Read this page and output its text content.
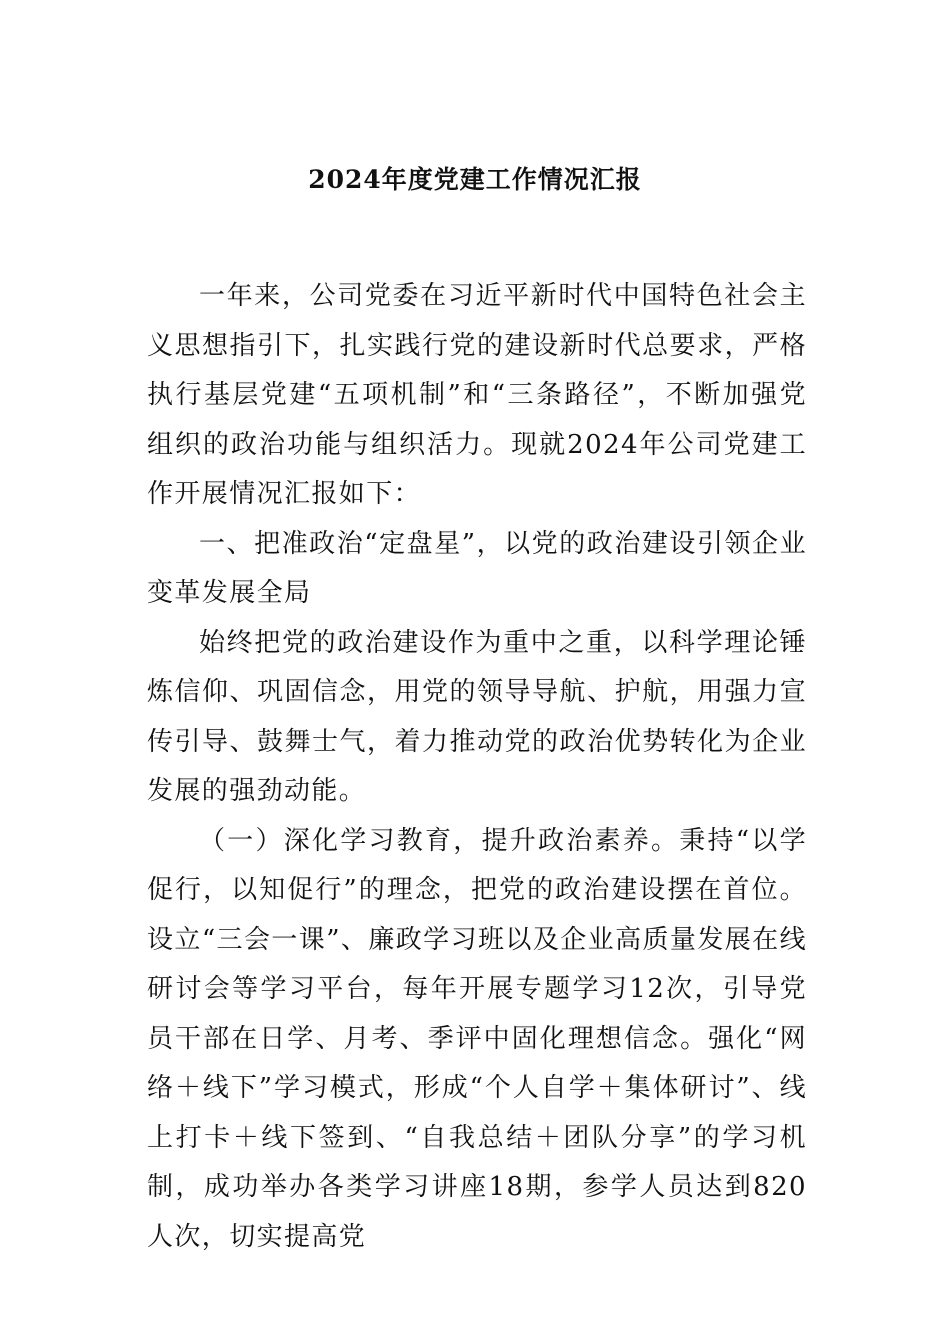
2024年度党建工作情况汇报

一年来，公司党委在习近平新时代中国特色社会主义思想指引下，扎实践行党的建设新时代总要求，严格执行基层党建“五项机制”和“三条路径”，不断加强党组织的政治功能与组织活力。现就2024年公司党建工作开展情况汇报如下：

一、把准政治“定盘星”，以党的政治建设引领企业变革发展全局

始终把党的政治建设作为重中之重，以科学理论锤炼信仰、巩固信念，用党的领导导航、护航，用强力宣传引导、鼓舞士气，着力推动党的政治优势转化为企业发展的强劲动能。

（一）深化学习教育，提升政治素养。秉持“以学促行，以知促行”的理念，把党的政治建设摆在首位。设立“三会一课”、廉政学习班以及企业高质量发展在线研讨会等学习平台，每年开展专题学习12次，引导党员干部在日学、月考、季评中固化理想信念。强化“网络＋线下”学习模式，形成“个人自学＋集体研讨”、线上打卡＋线下签到、“自我总结＋团队分享”的学习机制，成功举办各类学习讲座18期，参学人员达到820人次，切实提高党
